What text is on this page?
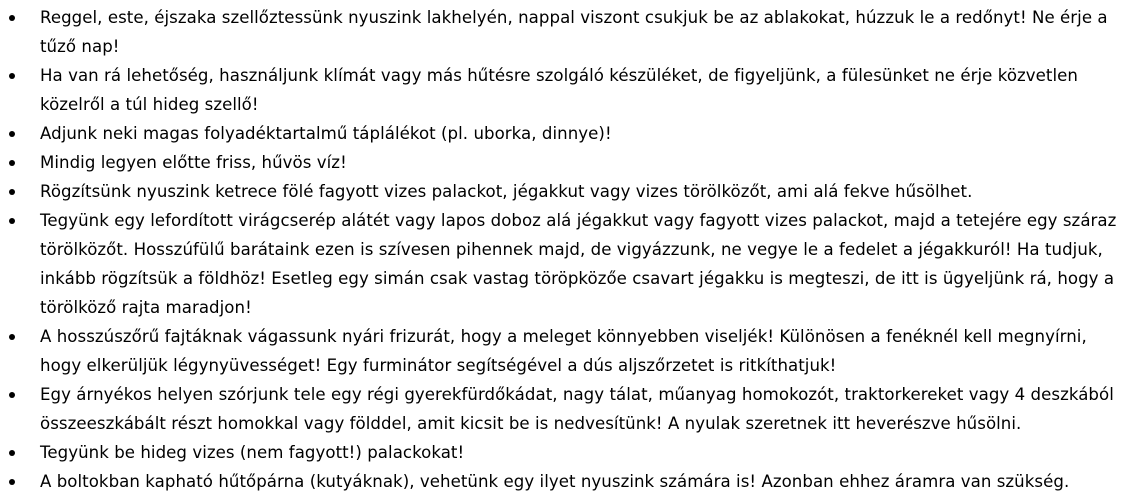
Reggel, este, éjszaka szellőztessünk nyuszink lakhelyén, nappal viszont csukjuk be az ablakokat, húzzuk le a redőnyt! Ne érje a tűző nap!
Ha van rá lehetőség, használjunk klímát vagy más hűtésre szolgáló készüléket, de figyeljünk, a fülesünket ne érje közvetlen közelről a túl hideg szellő!
Adjunk neki magas folyadéktartalmű táplálékot (pl. uborka, dinnye)!
Mindig legyen előtte friss, hűvös víz!
Rögzítsünk nyuszink ketrece fölé fagyott vizes palackot, jégakkut vagy vizes törölközőt, ami alá fekve hűsölhet.
Tegyünk egy lefordított virágcserép alátét vagy lapos doboz alá jégakkut vagy fagyott vizes palackot, majd a tetejére egy száraz törölközőt. Hosszúfülű barátaink ezen is szívesen pihennek majd, de vigyázzunk, ne vegye le a fedelet a jégakkuról! Ha tudjuk, inkább rögzítsük a földhöz! Esetleg egy simán csak vastag töröpközőe csavart jégakku is megteszi, de itt is ügyeljünk rá, hogy a törölköző rajta maradjon!
A hosszúszőrű fajtáknak vágassunk nyári frizurát, hogy a meleget könnyebben viseljék! Különösen a fenéknél kell megnyírni, hogy elkerüljük légynyüvességet! Egy furminátor segítségével a dús aljszőrzetet is ritkíthatjuk!
Egy árnyékos helyen szórjunk tele egy régi gyerekfürdőkádat, nagy tálat, műanyag homokozót, traktorkereket vagy 4 deszkából összeeszkábált részt homokkal vagy földdel, amit kicsit be is nedvesítünk! A nyulak szeretnek itt heverészve hűsölni.
Tegyünk be hideg vizes (nem fagyott!) palackokat!
A boltokban kapható hűtőpárna (kutyáknak), vehetünk egy ilyet nyuszink számára is! Azonban ehhez áramra van szükség.
